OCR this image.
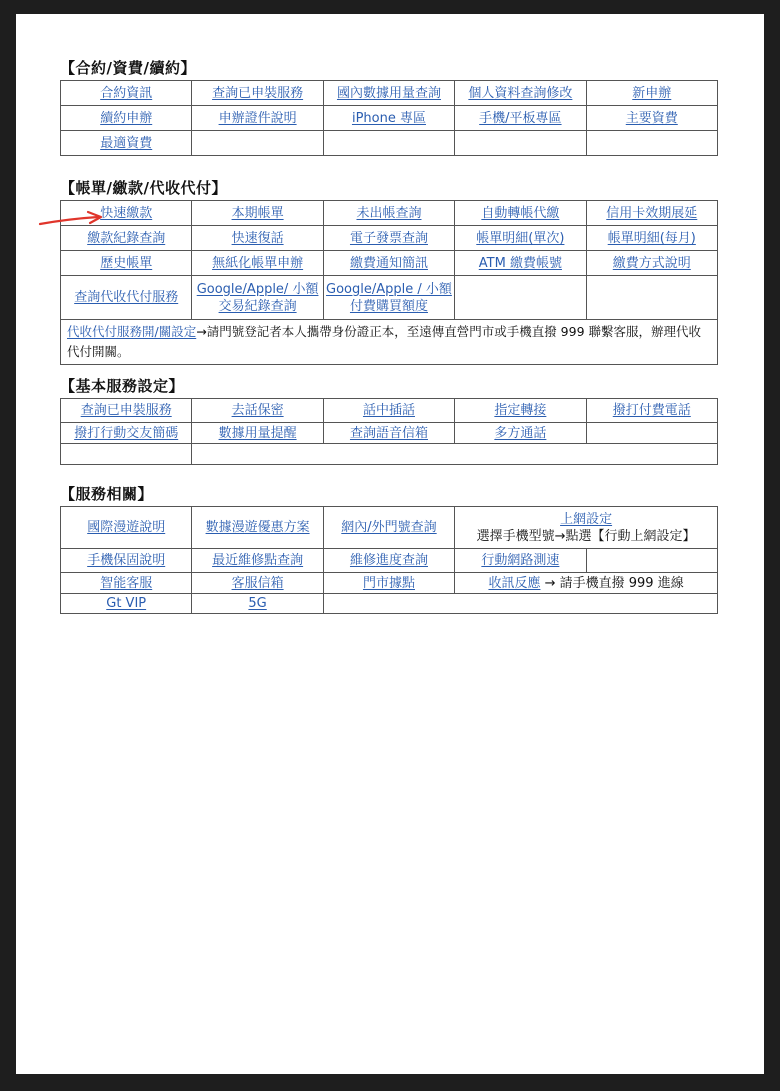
【合約/資費/續約】
合約資訊	查詢已申裝服務	國內數據用量查詢	個人資料查詢修改	新申辦
續約申辦	申辦證件說明	iPhone 專區	手機/平板專區	主要資費
最適資費				
【帳單/繳款/代收代付】
快速繳款	本期帳單	未出帳查詢	自動轉帳代繳	信用卡效期展延
繳款紀錄查詢	快速復話	電子發票查詢	帳單明細(單次)	帳單明細(每月)
歷史帳單	無紙化帳單申辦	繳費通知簡訊	ATM 繳費帳號	繳費方式說明
查詢代收代付服務	Google/Apple/ 小額交易紀錄查詢	Google/Apple / 小額付費購買額度		
代收代付服務開/關設定→請門號登記者本人攜帶身份證正本，至遠傳直營門市或手機直撥 999 聯繫客服，辦理代收代付開關。				
【基本服務設定】
查詢已申裝服務	去話保密	話中插話	指定轉接	撥打付費電話
撥打行動交友簡碼	數據用量提醒	查詢語音信箱	多方通話	

【服務相關】
國際漫遊說明	數據漫遊優惠方案	網內/外門號查詢	上網設定
選擇手機型號→點選【行動上網設定】	

手機保固說明	最近維修點查詢	維修進度查詢	行動網路測速	
智能客服	客服信箱	門市據點	收訊反應 → 請手機直撥 999 進線	
Gt VIP	5G			
